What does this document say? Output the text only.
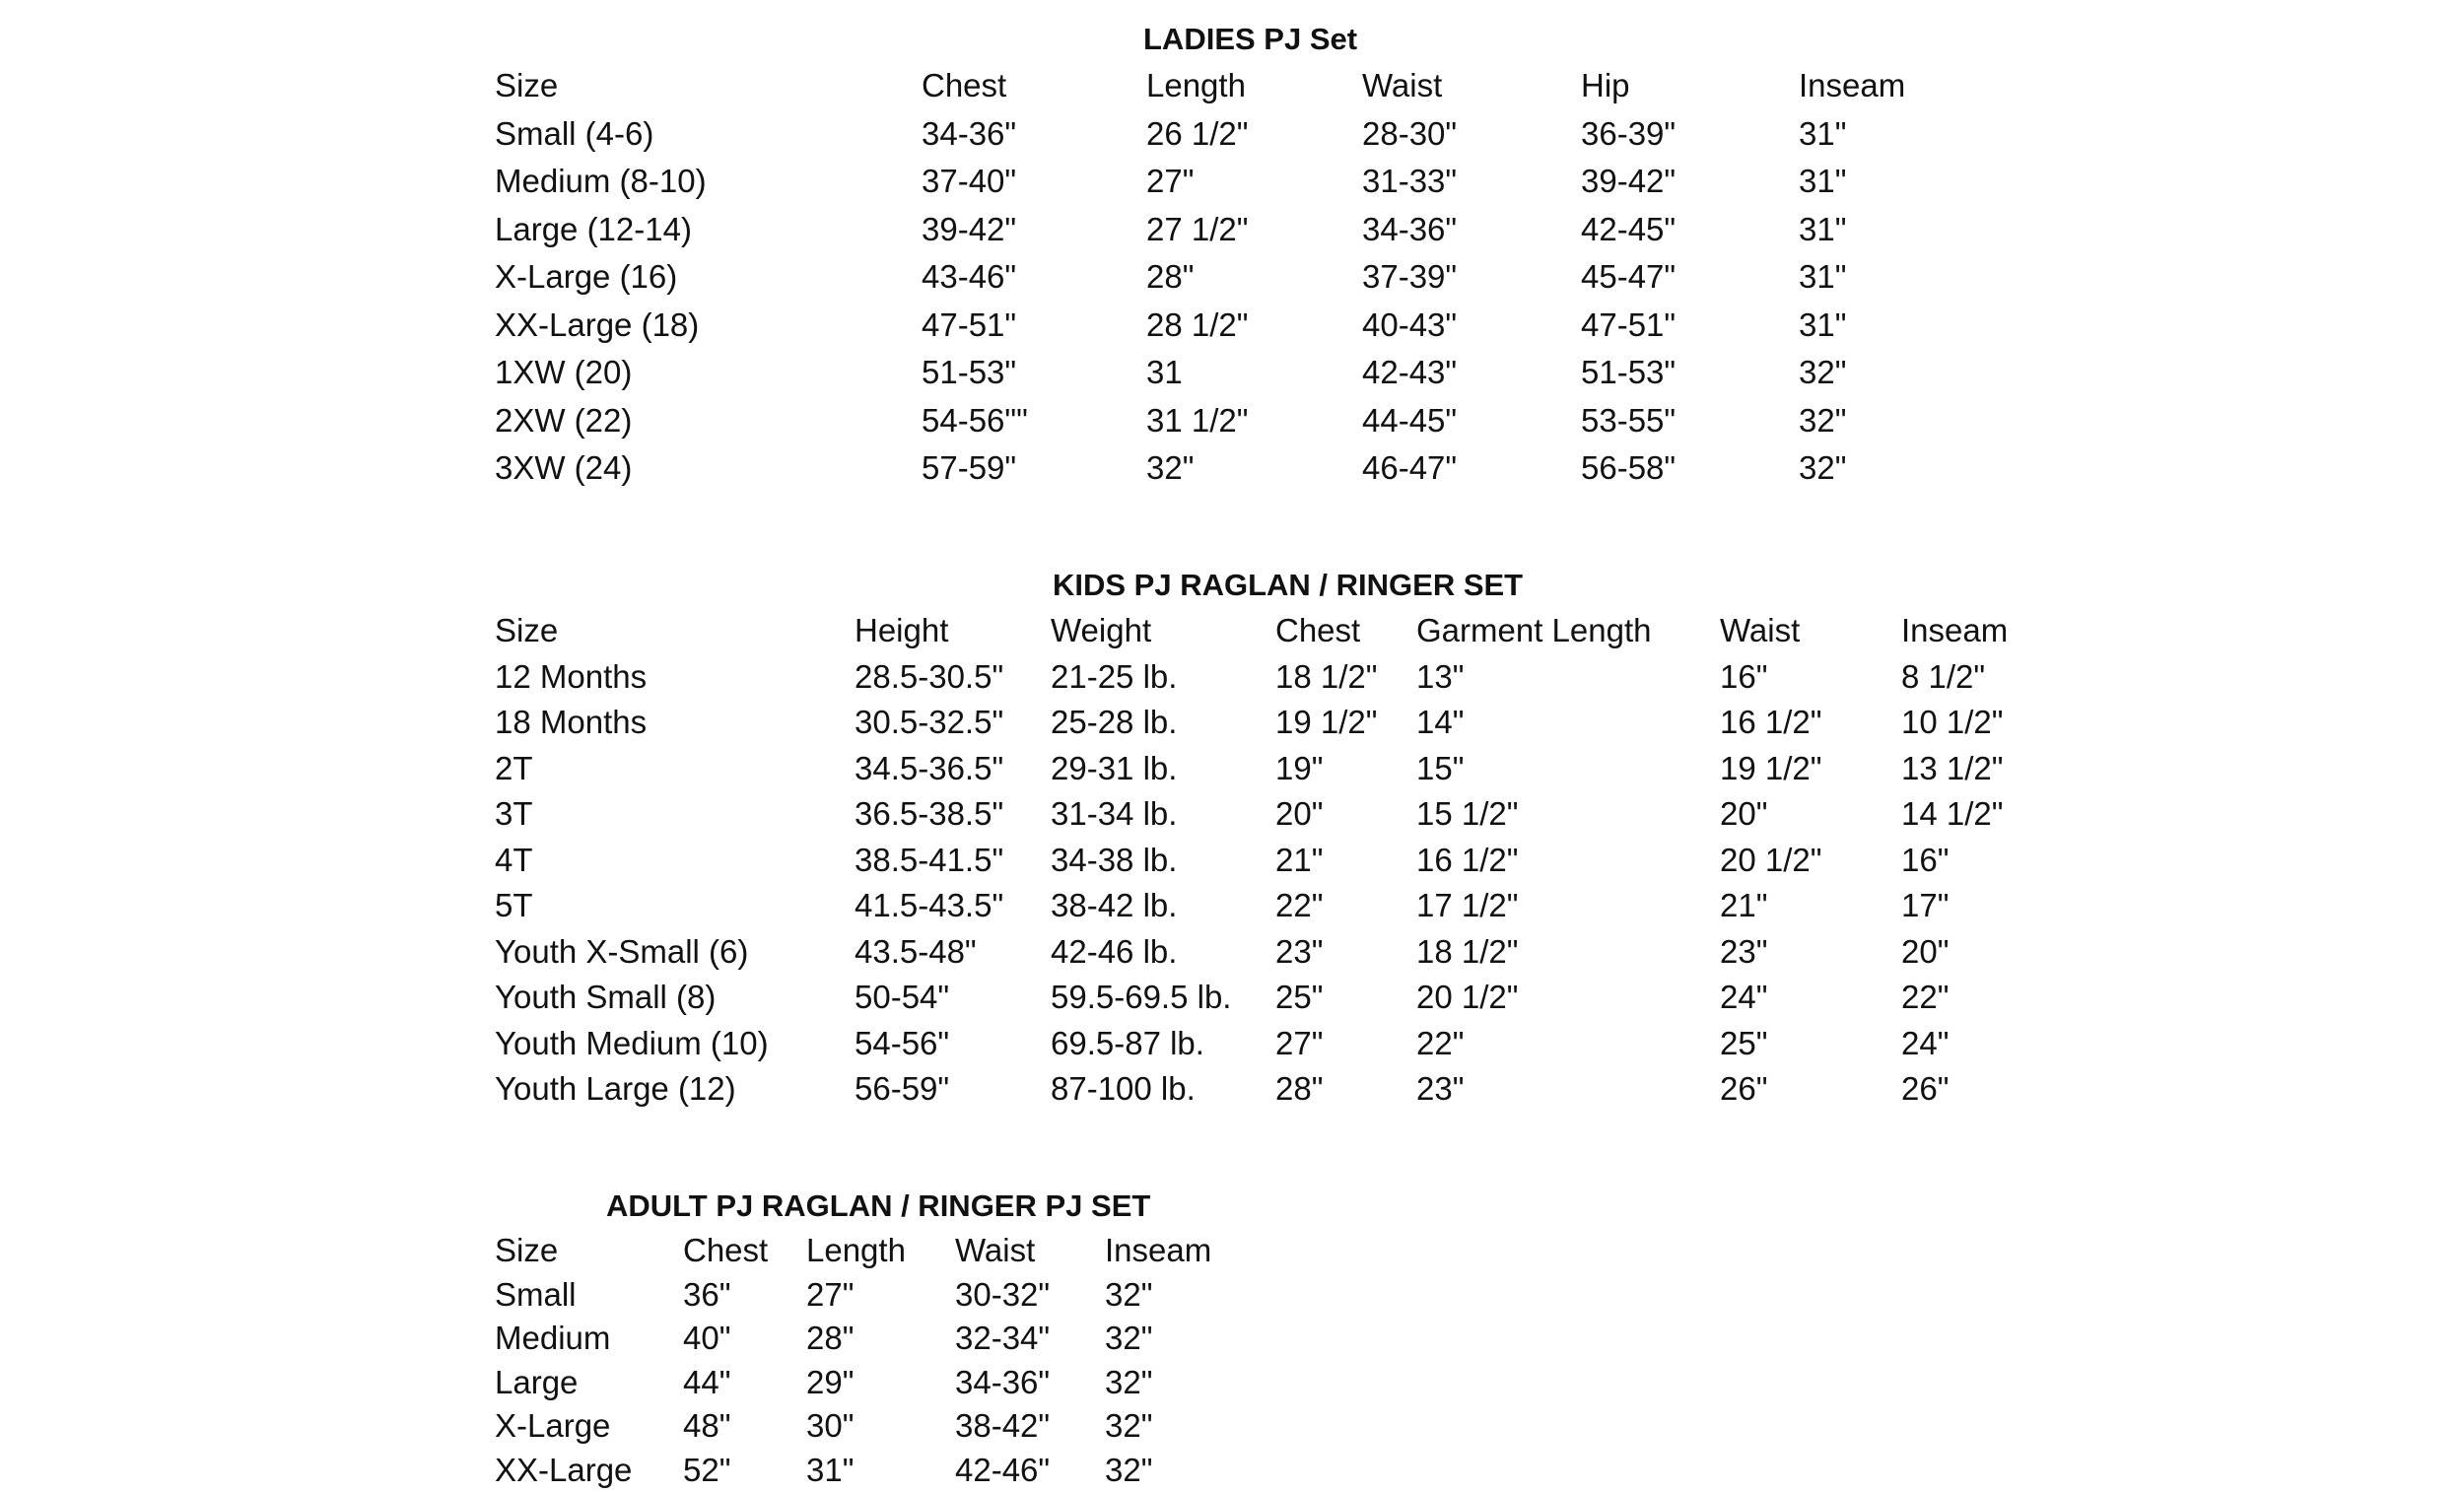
LADIES PJ Set
Size	Chest	Length	Waist	Hip	Inseam
Small (4-6)	34-36"	26 1/2"	28-30"	36-39"	31"
Medium (8-10)	37-40"	27"	31-33"	39-42"	31"
Large (12-14)	39-42"	27 1/2"	34-36"	42-45"	31"
X-Large (16)	43-46"	28"	37-39"	45-47"	31"
XX-Large (18)	47-51"	28 1/2"	40-43"	47-51"	31"
1XW (20)	51-53"	31	42-43"	51-53"	32"
2XW (22)	54-56""	31 1/2"	44-45"	53-55"	32"
3XW (24)	57-59"	32"	46-47"	56-58"	32"
KIDS PJ RAGLAN / RINGER SET
Size	Height	Weight	Chest	Garment Length	Waist	Inseam
12 Months	28.5-30.5"	21-25 lb.	18 1/2"	13"	16"	8 1/2"
18 Months	30.5-32.5"	25-28 lb.	19 1/2"	14"	16 1/2"	10 1/2"
2T	34.5-36.5"	29-31 lb.	19"	15"	19 1/2"	13 1/2"
3T	36.5-38.5"	31-34 lb.	20"	15 1/2"	20"	14 1/2"
4T	38.5-41.5"	34-38 lb.	21"	16 1/2"	20 1/2"	16"
5T	41.5-43.5"	38-42 lb.	22"	17 1/2"	21"	17"
Youth X-Small (6)	43.5-48"	42-46 lb.	23"	18 1/2"	23"	20"
Youth Small (8)	50-54"	59.5-69.5 lb.	25"	20 1/2"	24"	22"
Youth Medium (10)	54-56"	69.5-87 lb.	27"	22"	25"	24"
Youth Large (12)	56-59"	87-100 lb.	28"	23"	26"	26"
ADULT PJ RAGLAN / RINGER PJ SET
Size	Chest	Length	Waist	Inseam
Small	36"	27"	30-32"	32"
Medium	40"	28"	32-34"	32"
Large	44"	29"	34-36"	32"
X-Large	48"	30"	38-42"	32"
XX-Large	52"	31"	42-46"	32"
